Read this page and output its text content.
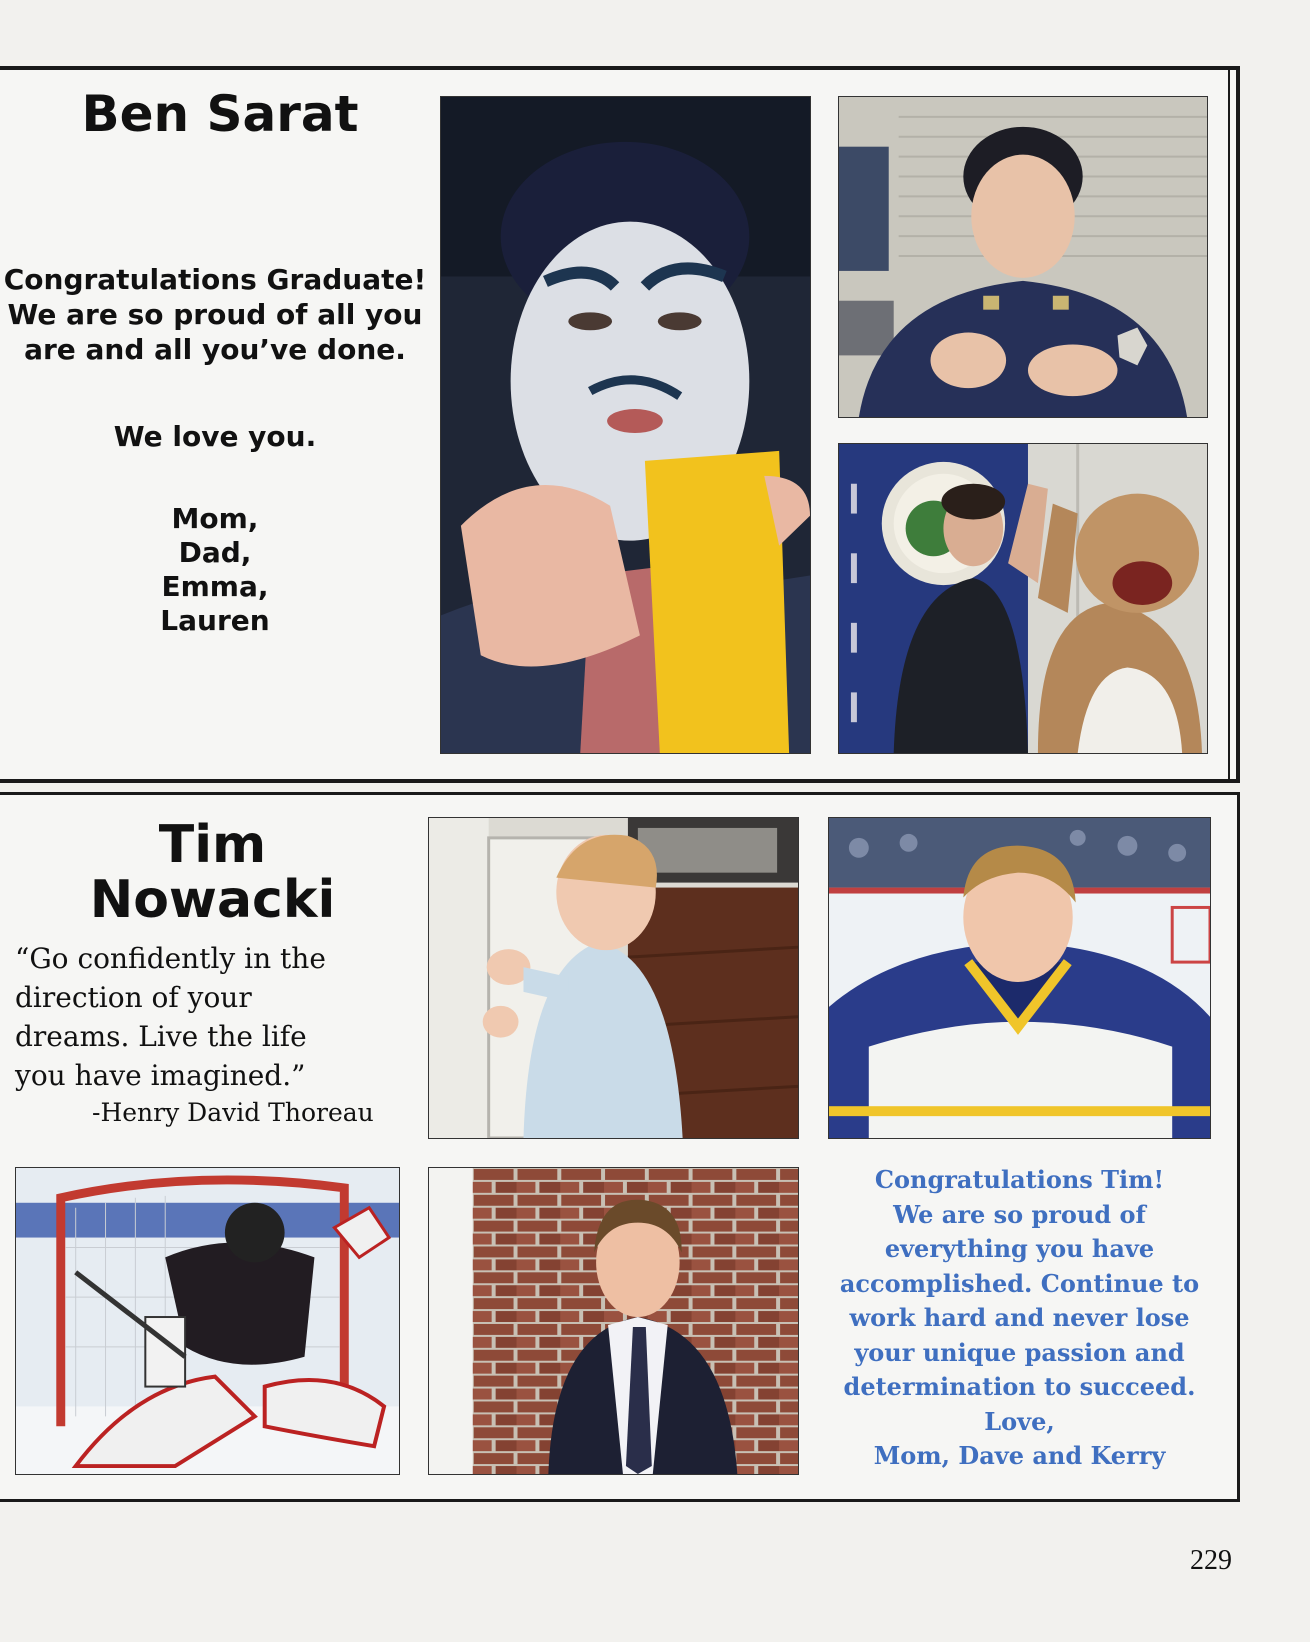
Ben Sarat
Congratulations Graduate!
We are so proud of all you
are and all you’ve done.
We love you.
Mom,
Dad,
Emma,
Lauren
Tim
Nowacki
“Go confidently in the
direction of your
dreams. Live the life
you have imagined.”
-Henry David Thoreau
Congratulations Tim!
We are so proud of
everything you have
accomplished. Continue to
work hard and never lose
your unique passion and
determination to succeed.
Love,
Mom, Dave and Kerry

229
